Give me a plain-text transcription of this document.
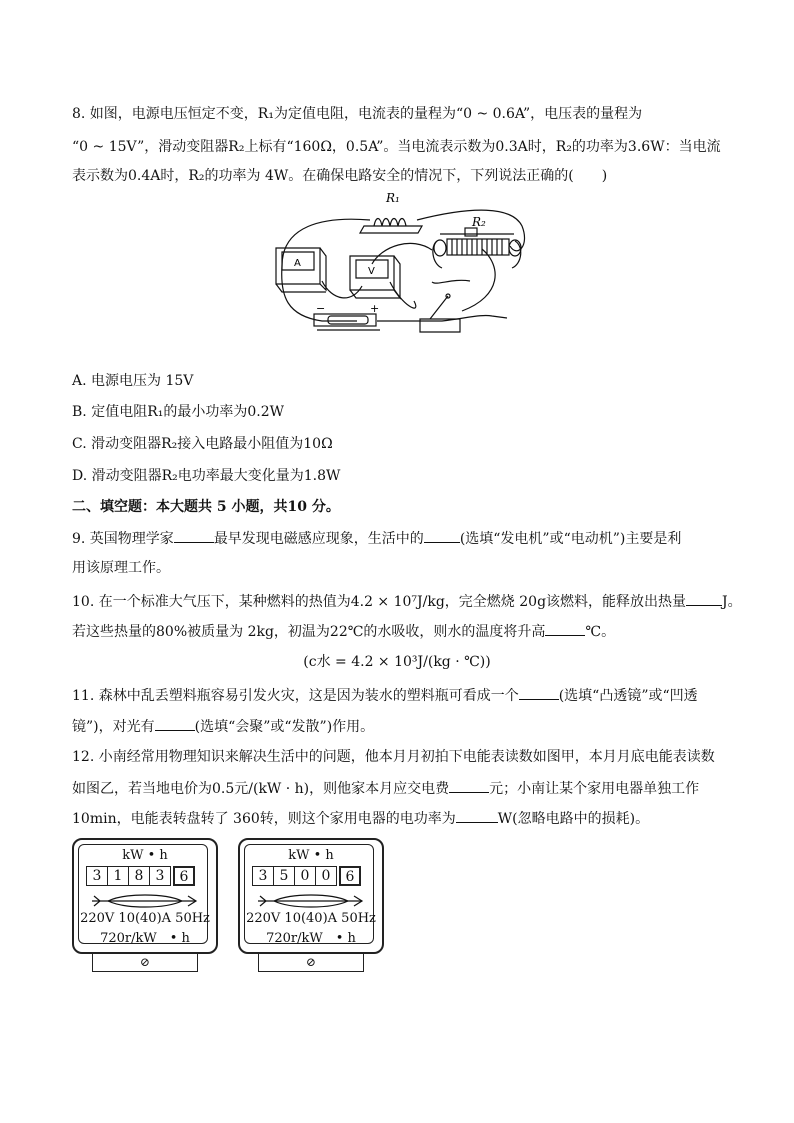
8. 如图，电源电压恒定不变，R₁为定值电阻，电流表的量程为“0 ~ 0.6A”，电压表的量程为
“0 ~ 15V”，滑动变阻器R₂上标有“160Ω，0.5A”。当电流表示数为0.3A时，R₂的功率为3.6W：当电流
表示数为0.4A时，R₂的功率为 4W。在确保电路安全的情况下，下列说法正确的(　　)
R₁
R₂
A
V
−	+
A. 电源电压为 15V
B. 定值电阻R₁的最小功率为0.2W
C. 滑动变阻器R₂接入电路最小阻值为10Ω
D. 滑动变阻器R₂电功率最大变化量为1.8W
二、填空题：本大题共 5 小题，共10 分。
9. 英国物理学家	最早发现电磁感应现象，生活中的	(选填“发电机”或“电动机”)主要是利
用该原理工作。
10. 在一个标准大气压下，某种燃料的热值为4.2 × 10⁷J/kg，完全燃烧 20g该燃料，能释放出热量	J。
若这些热量的80%被质量为 2kg，初温为22℃的水吸收，则水的温度将升高	℃。
(c水 = 4.2 × 10³J/(kg · ℃))
11. 森林中乱丢塑料瓶容易引发火灾，这是因为装水的塑料瓶可看成一个	(选填“凸透镜”或“凹透
镜”)，对光有	(选填“会聚”或“发散”)作用。
12. 小南经常用物理知识来解决生活中的问题，他本月月初拍下电能表读数如图甲，本月月底电能表读数
如图乙，若当地电价为0.5元/(kW · h)，则他家本月应交电费	元；小南让某个家用电器单独工作
10min，电能表转盘转了 360转，则这个家用电器的电功率为	W(忽略电路中的损耗)。
kW • h
3 1 8 3	6
220V 10(40)A 50Hz
720r/kW　• h
⊘
kW • h
3 5 0 0	6
220V 10(40)A 50Hz
720r/kW　• h
⊘
